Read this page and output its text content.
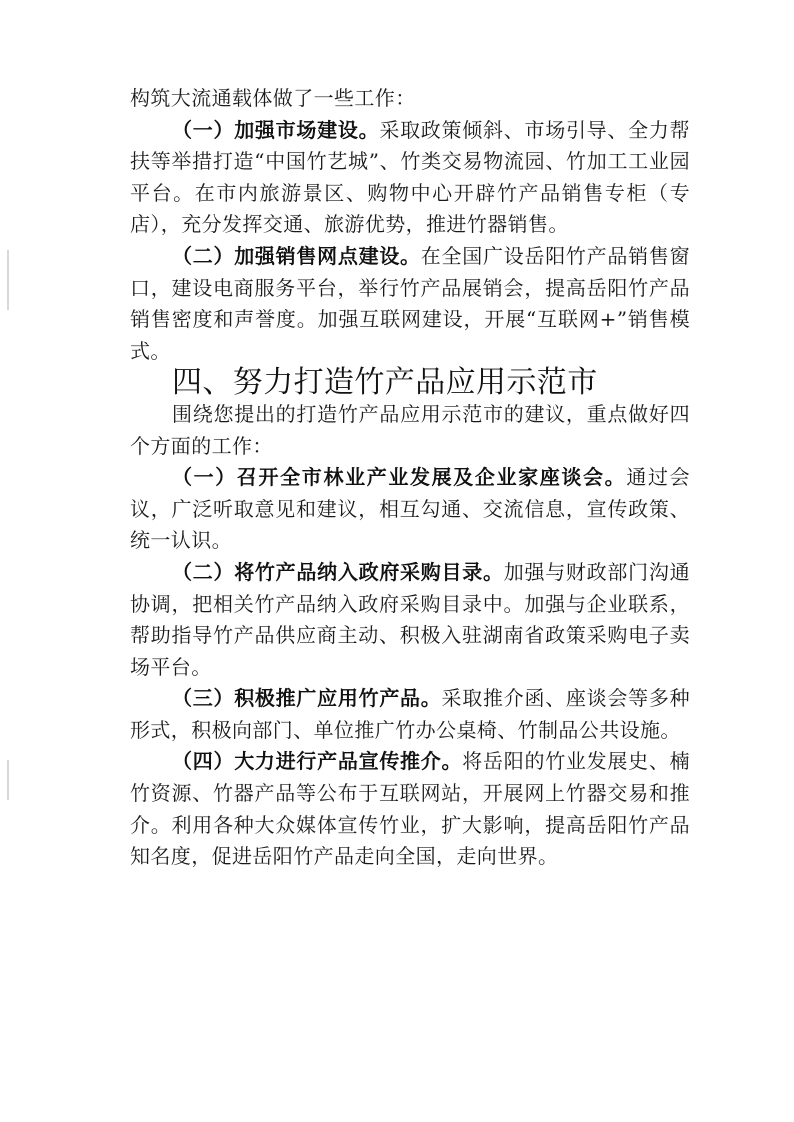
构筑大流通载体做了一些工作：

（一）加强市场建设。采取政策倾斜、市场引导、全力帮扶等举措打造“中国竹艺城”、竹类交易物流园、竹加工工业园平台。在市内旅游景区、购物中心开辟竹产品销售专柜（专店），充分发挥交通、旅游优势，推进竹器销售。

（二）加强销售网点建设。在全国广设岳阳竹产品销售窗口，建设电商服务平台，举行竹产品展销会，提高岳阳竹产品销售密度和声誉度。加强互联网建设，开展“互联网+”销售模式。

四、努力打造竹产品应用示范市

围绕您提出的打造竹产品应用示范市的建议，重点做好四个方面的工作：

（一）召开全市林业产业发展及企业家座谈会。通过会议，广泛听取意见和建议，相互勾通、交流信息，宣传政策、统一认识。

（二）将竹产品纳入政府采购目录。加强与财政部门沟通协调，把相关竹产品纳入政府采购目录中。加强与企业联系，帮助指导竹产品供应商主动、积极入驻湖南省政策采购电子卖场平台。

（三）积极推广应用竹产品。采取推介函、座谈会等多种形式，积极向部门、单位推广竹办公桌椅、竹制品公共设施。

（四）大力进行产品宣传推介。将岳阳的竹业发展史、楠竹资源、竹器产品等公布于互联网站，开展网上竹器交易和推介。利用各种大众媒体宣传竹业，扩大影响，提高岳阳竹产品知名度，促进岳阳竹产品走向全国，走向世界。
